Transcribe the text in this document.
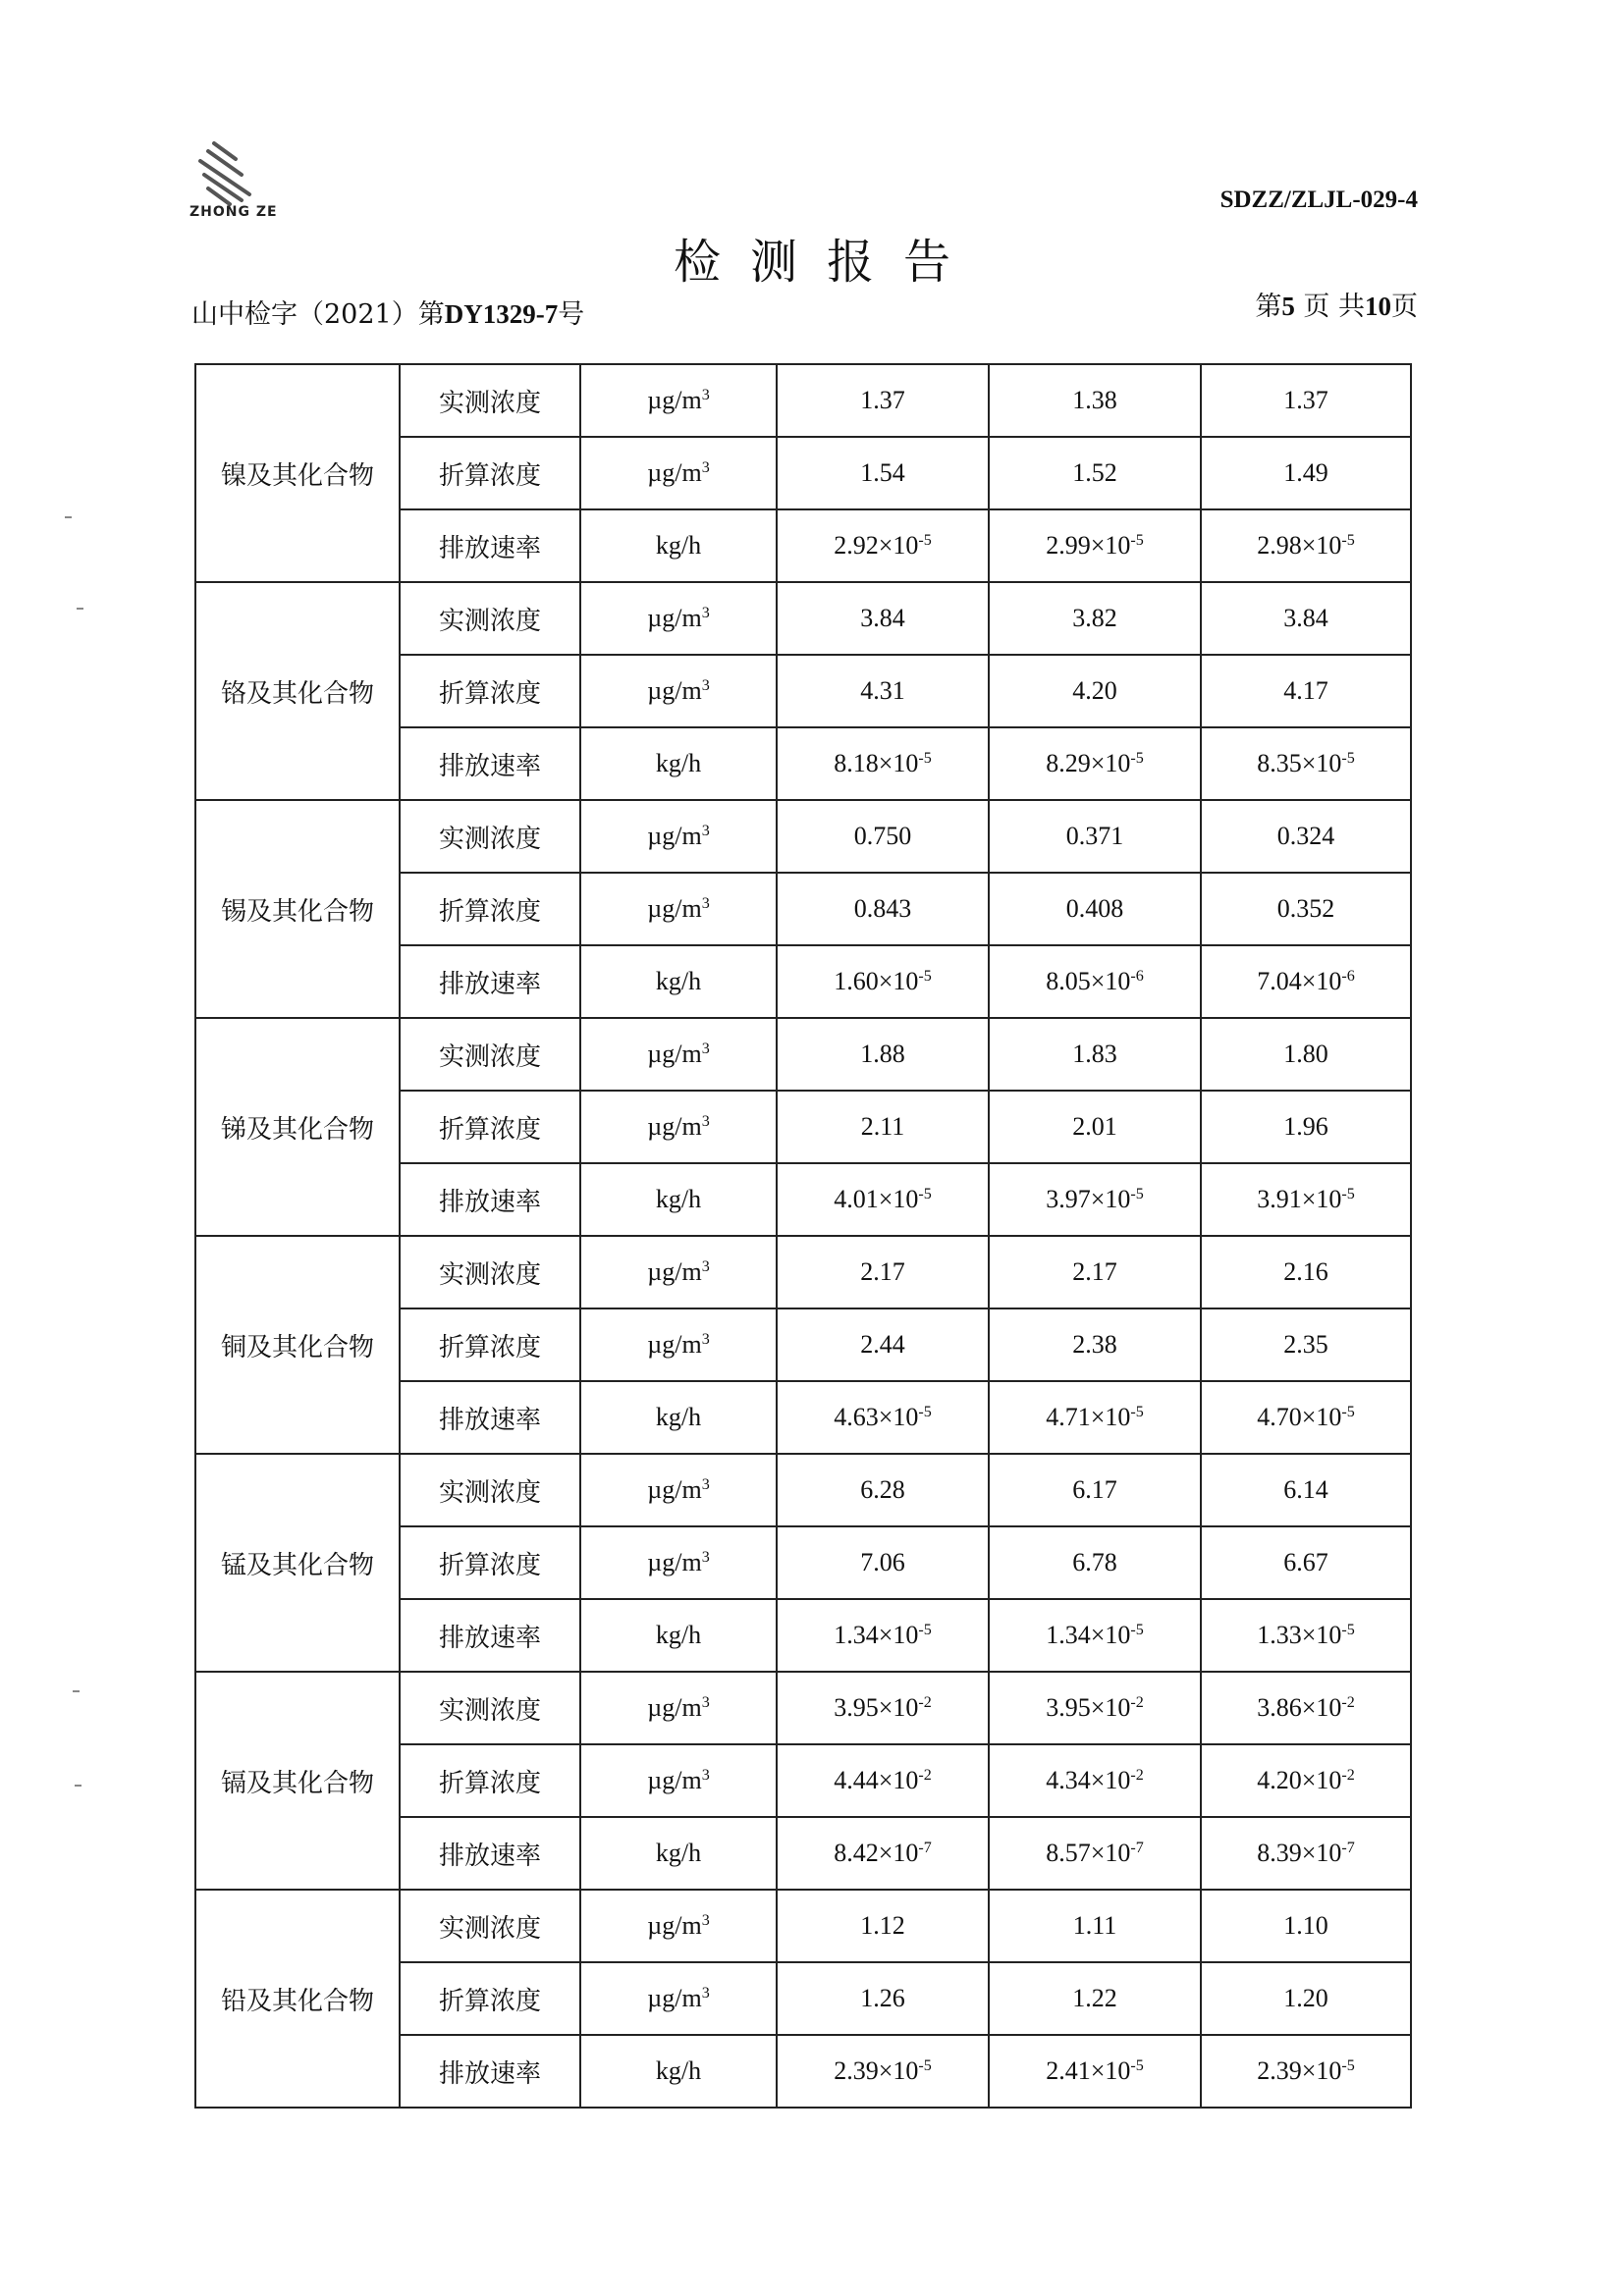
ZHONG ZE	SDZZ/ZLJL-029-4
检测报告
山中检字（2021）第DY1329-7号	第5 页 共10页
镍及其化合物	实测浓度	$\mu g/m^3$	1.37	1.38	1.37
	折算浓度	$\mu g/m^3$	1.54	1.52	1.49
	排放速率	kg/h	$2.92\times 10^{-5}$	$2.99\times 10^{-5}$	$2.98\times 10^{-5}$
铬及其化合物	实测浓度	$\mu g/m^3$	3.84	3.82	3.84
	折算浓度	$\mu g/m^3$	4.31	4.20	4.17
	排放速率	kg/h	$8.18\times 10^{-5}$	$8.29\times 10^{-5}$	$8.35\times 10^{-5}$
锡及其化合物	实测浓度	$\mu g/m^3$	0.750	0.371	0.324
	折算浓度	$\mu g/m^3$	0.843	0.408	0.352
	排放速率	kg/h	$1.60\times 10^{-5}$	$8.05\times 10^{-6}$	$7.04\times 10^{-6}$
锑及其化合物	实测浓度	$\mu g/m^3$	1.88	1.83	1.80
	折算浓度	$\mu g/m^3$	2.11	2.01	1.96
	排放速率	kg/h	$4.01\times 10^{-5}$	$3.97\times 10^{-5}$	$3.91\times 10^{-5}$
铜及其化合物	实测浓度	$\mu g/m^3$	2.17	2.17	2.16
	折算浓度	$\mu g/m^3$	2.44	2.38	2.35
	排放速率	kg/h	$4.63\times 10^{-5}$	$4.71\times 10^{-5}$	$4.70\times 10^{-5}$
锰及其化合物	实测浓度	$\mu g/m^3$	6.28	6.17	6.14
	折算浓度	$\mu g/m^3$	7.06	6.78	6.67
	排放速率	kg/h	$1.34\times 10^{-5}$	$1.34\times 10^{-5}$	$1.33\times 10^{-5}$
镉及其化合物	实测浓度	$\mu g/m^3$	$3.95\times 10^{-2}$	$3.95\times 10^{-2}$	$3.86\times 10^{-2}$
	折算浓度	$\mu g/m^3$	$4.44\times 10^{-2}$	$4.34\times 10^{-2}$	$4.20\times 10^{-2}$
	排放速率	kg/h	$8.42\times 10^{-7}$	$8.57\times 10^{-7}$	$8.39\times 10^{-7}$
铅及其化合物	实测浓度	$\mu g/m^3$	1.12	1.11	1.10
	折算浓度	$\mu g/m^3$	1.26	1.22	1.20
	排放速率	kg/h	$2.39\times 10^{-5}$	$2.41\times 10^{-5}$	$2.39\times 10^{-5}$
